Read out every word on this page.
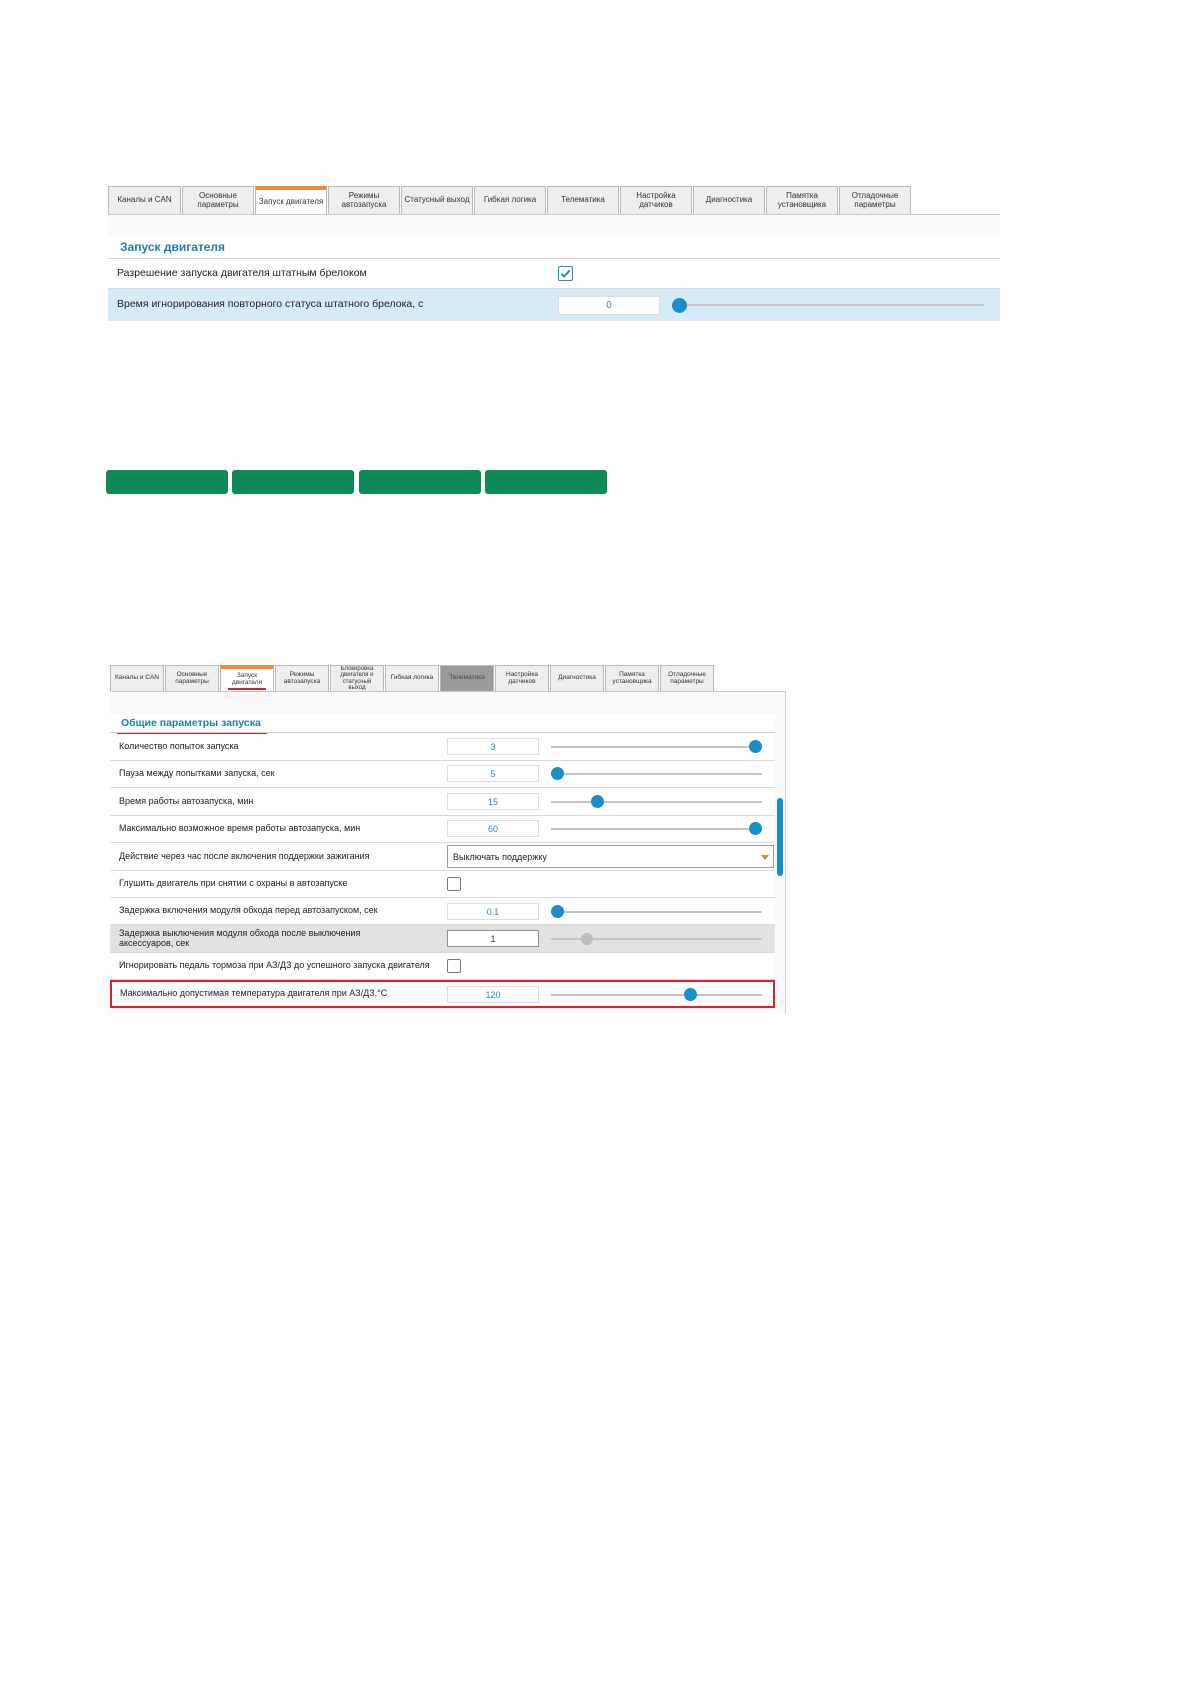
Каналы и CAN	Основные
параметры	Запуск двигателя
Режимы
автозапуска Статусный выход Гибкая логика	Телематика	Настройка
датчиков	Диагностика	Памятка
установщика
Отладочные
параметры
Запуск двигателя
Разрешение запуска двигателя штатным брелоком
Время игнорирования повторного статуса штатного брелока, с	0
Каналы и CAN	Основные
параметры
Запуск
двигателя
Режимы
автозапуска
Блокировка
двигателя и
статусный
выход
Гибкая логика Телематика	Настройка
датчиков	Диагностика	Памятка
установщика
Отладочные
параметры
Общие параметры запуска
Количество попыток запуска	3
Пауза между попытками запуска, сек	5
Время работы автозапуска, мин	15
Максимально возможное время работы автозапуска, мин	60
Действие через час после включения поддержки зажигания	Выключать поддержку
Глушить двигатель при снятии с охраны в автозапуске
Задержка включения модуля обхода перед автозапуском, сек	0.1
Задержка выключения модуля обхода после выключения
аксессуаров, сек	1
Игнорировать педаль тормоза при АЗ/ДЗ до успешного запуска двигателя
Максимально допустимая температура двигателя при АЗ/ДЗ,°С	120
